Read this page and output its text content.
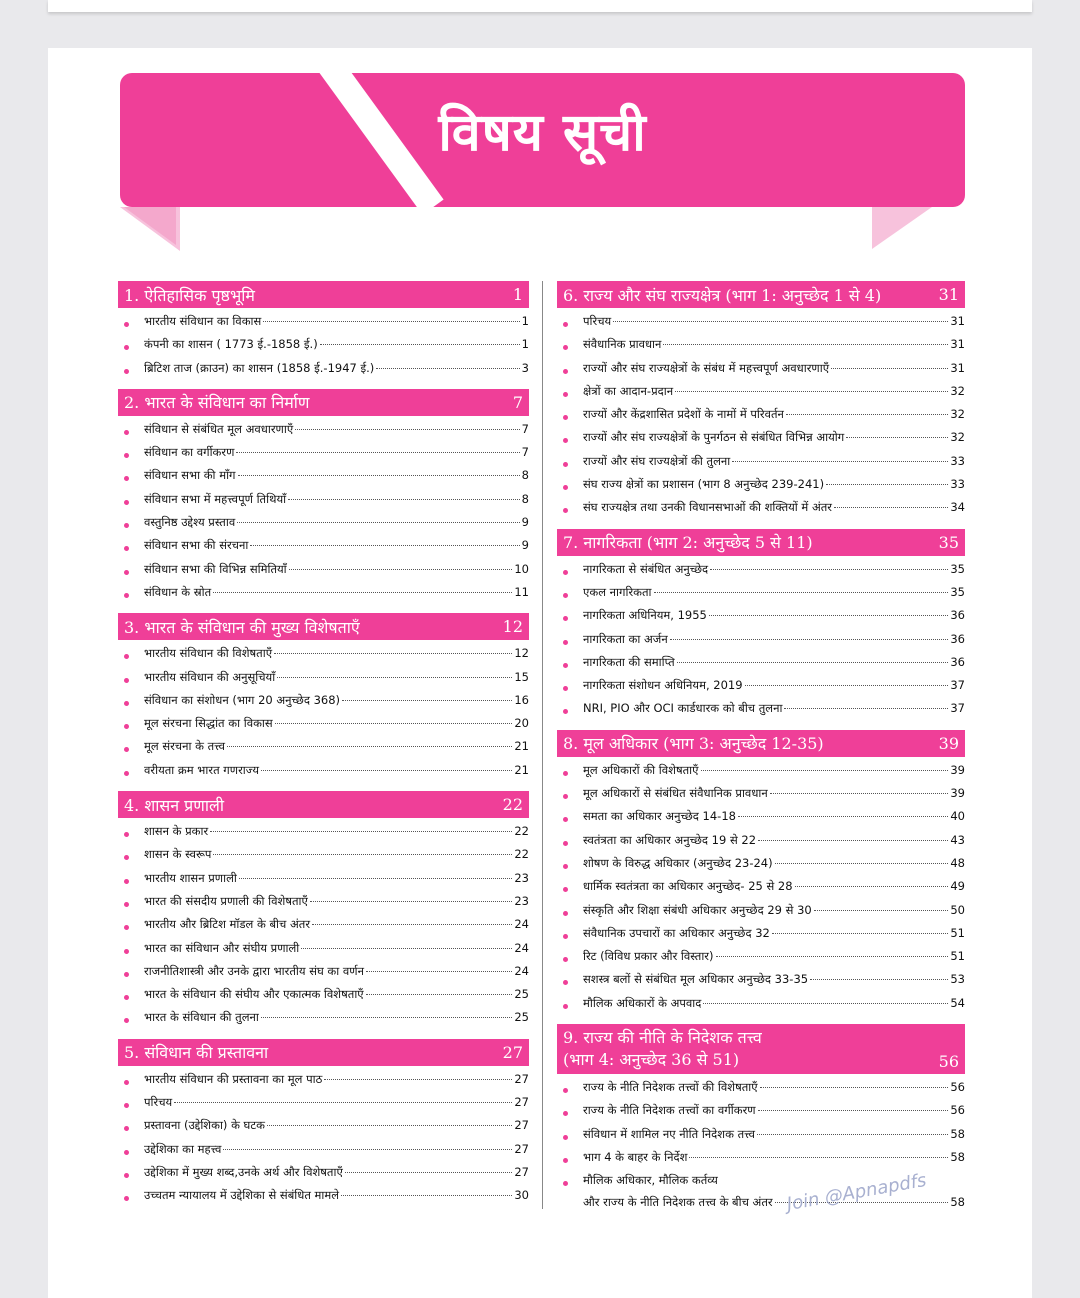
विषय सूची
1. ऐतिहासिक पृष्ठभूमि	1
भारतीय संविधान का विकास	1
कंपनी का शासन ( 1773 ई.-1858 ई.)	1
ब्रिटिश ताज (क्राउन) का शासन (1858 ई.-1947 ई.)	3
2. भारत के संविधान का निर्माण	7
संविधान से संबंधित मूल अवधारणाएँ	7
संविधान का वर्गीकरण	7
संविधान सभा की माँग	8
संविधान सभा में महत्त्वपूर्ण तिथियाँ	8
वस्तुनिष्ठ उद्देश्य प्रस्ताव	9
संविधान सभा की संरचना	9
संविधान सभा की विभिन्न समितियाँ	10
संविधान के स्रोत	11
3. भारत के संविधान की मुख्य विशेषताएँ	12
भारतीय संविधान की विशेषताएँ	12
भारतीय संविधान की अनुसूचियाँ	15
संविधान का संशोधन (भाग 20 अनुच्छेद 368)	16
मूल संरचना सिद्धांत का विकास	20
मूल संरचना के तत्त्व	21
वरीयता क्रम भारत गणराज्य	21
4. शासन प्रणाली	22
शासन के प्रकार	22
शासन के स्वरूप	22
भारतीय शासन प्रणाली	23
भारत की संसदीय प्रणाली की विशेषताएँ	23
भारतीय और ब्रिटिश मॉडल के बीच अंतर	24
भारत का संविधान और संघीय प्रणाली	24
राजनीतिशास्त्री और उनके द्वारा भारतीय संघ का वर्णन	24
भारत के संविधान की संघीय और एकात्मक विशेषताएँ	25
भारत के संविधान की तुलना	25
5. संविधान की प्रस्तावना	27
भारतीय संविधान की प्रस्तावना का मूल पाठ	27
परिचय	27
प्रस्तावना (उद्देशिका) के घटक	27
उद्देशिका का महत्त्व	27
उद्देशिका में मुख्य शब्द,उनके अर्थ और विशेषताएँ	27
उच्चतम न्यायालय में उद्देशिका से संबंधित मामले	30
6. राज्य और संघ राज्यक्षेत्र (भाग 1: अनुच्छेद 1 से 4)	31
परिचय	31
संवैधानिक प्रावधान	31
राज्यों और संघ राज्यक्षेत्रों के संबंध में महत्त्वपूर्ण अवधारणाएँ	31
क्षेत्रों का आदान-प्रदान	32
राज्यों और केंद्रशासित प्रदेशों के नामों में परिवर्तन	32
राज्यों और संघ राज्यक्षेत्रों के पुनर्गठन से संबंधित विभिन्न आयोग	32
राज्यों और संघ राज्यक्षेत्रों की तुलना	33
संघ राज्य क्षेत्रों का प्रशासन (भाग 8 अनुच्छेद 239-241)	33
संघ राज्यक्षेत्र तथा उनकी विधानसभाओं की शक्तियों में अंतर	34
7. नागरिकता (भाग 2: अनुच्छेद 5 से 11)	35
नागरिकता से संबंधित अनुच्छेद	35
एकल नागरिकता	35
नागरिकता अधिनियम, 1955	36
नागरिकता का अर्जन	36
नागरिकता की समाप्ति	36
नागरिकता संशोधन अधिनियम, 2019	37
NRI, PIO और OCI कार्डधारक को बीच तुलना	37
8. मूल अधिकार (भाग 3: अनुच्छेद 12-35)	39
मूल अधिकारों की विशेषताएँ	39
मूल अधिकारों से संबंधित संवैधानिक प्रावधान	39
समता का अधिकार अनुच्छेद 14-18	40
स्वतंत्रता का अधिकार अनुच्छेद 19 से 22	43
शोषण के विरुद्ध अधिकार (अनुच्छेद 23-24)	48
धार्मिक स्वतंत्रता का अधिकार अनुच्छेद- 25 से 28	49
संस्कृति और शिक्षा संबंधी अधिकार अनुच्छेद 29 से 30	50
संवैधानिक उपचारों का अधिकार अनुच्छेद 32	51
रिट (विविध प्रकार और विस्तार)	51
सशस्त्र बलों से संबंधित मूल अधिकार अनुच्छेद 33-35	53
मौलिक अधिकारों के अपवाद	54
9. राज्य की नीति के निदेशक तत्त्व
(भाग 4: अनुच्छेद 36 से 51)	56
राज्य के नीति निदेशक तत्त्वों की विशेषताएँ	56
राज्य के नीति निदेशक तत्त्वों का वर्गीकरण	56
संविधान में शामिल नए नीति निदेशक तत्त्व	58
भाग 4 के बाहर के निर्देश	58
मौलिक अधिकार, मौलिक कर्तव्य
और राज्य के नीति निदेशक तत्त्व के बीच अंतर	58
Join @Apnapdfs
